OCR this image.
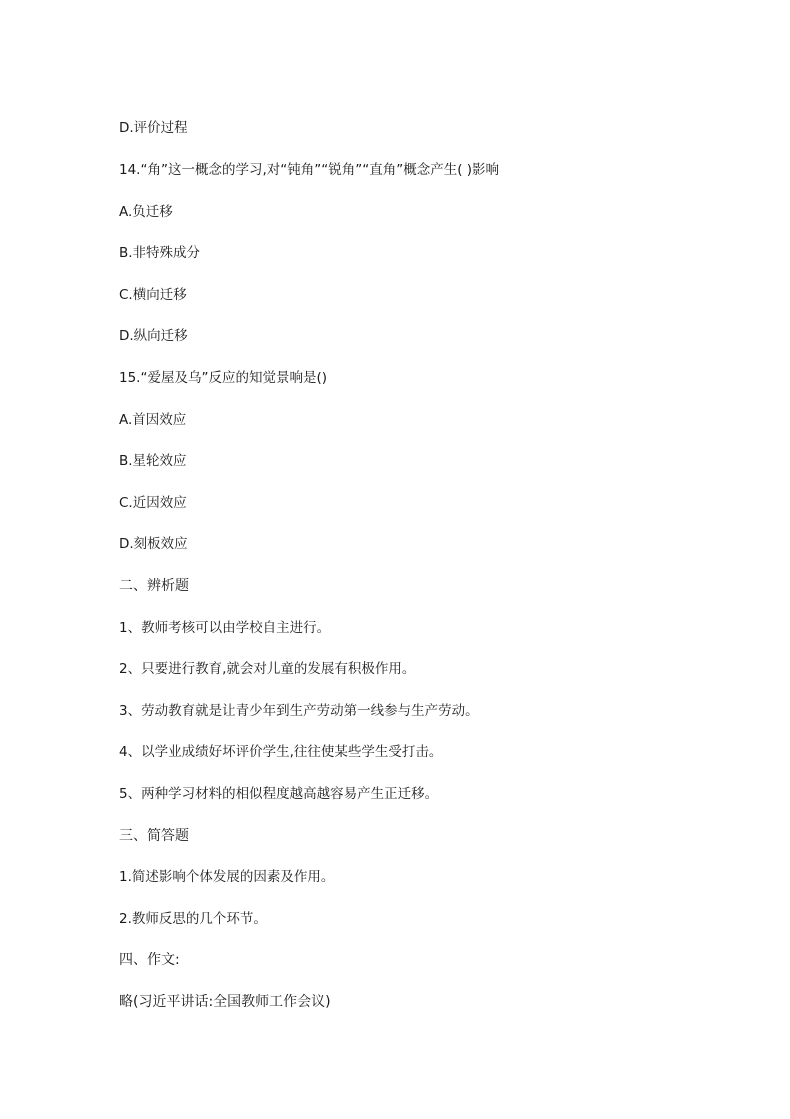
D.评价过程

14.“角”这一概念的学习,对“钝角”“锐角”“直角”概念产生( )影响

A.负迁移

B.非特殊成分

C.横向迁移

D.纵向迁移

15.“爱屋及乌”反应的知觉景响是()

A.首因效应

B.星轮效应

C.近因效应

D.刻板效应

二、辨析题

1、教师考核可以由学校自主进行。

2、只要进行教育,就会对儿童的发展有积极作用。

3、劳动教育就是让青少年到生产劳动第一线参与生产劳动。

4、以学业成绩好坏评价学生,往往使某些学生受打击。

5、两种学习材料的相似程度越高越容易产生正迁移。

三、简答题

1.简述影响个体发展的因素及作用。

2.教师反思的几个环节。

四、作文:

略(习近平讲话:全国教师工作会议)
